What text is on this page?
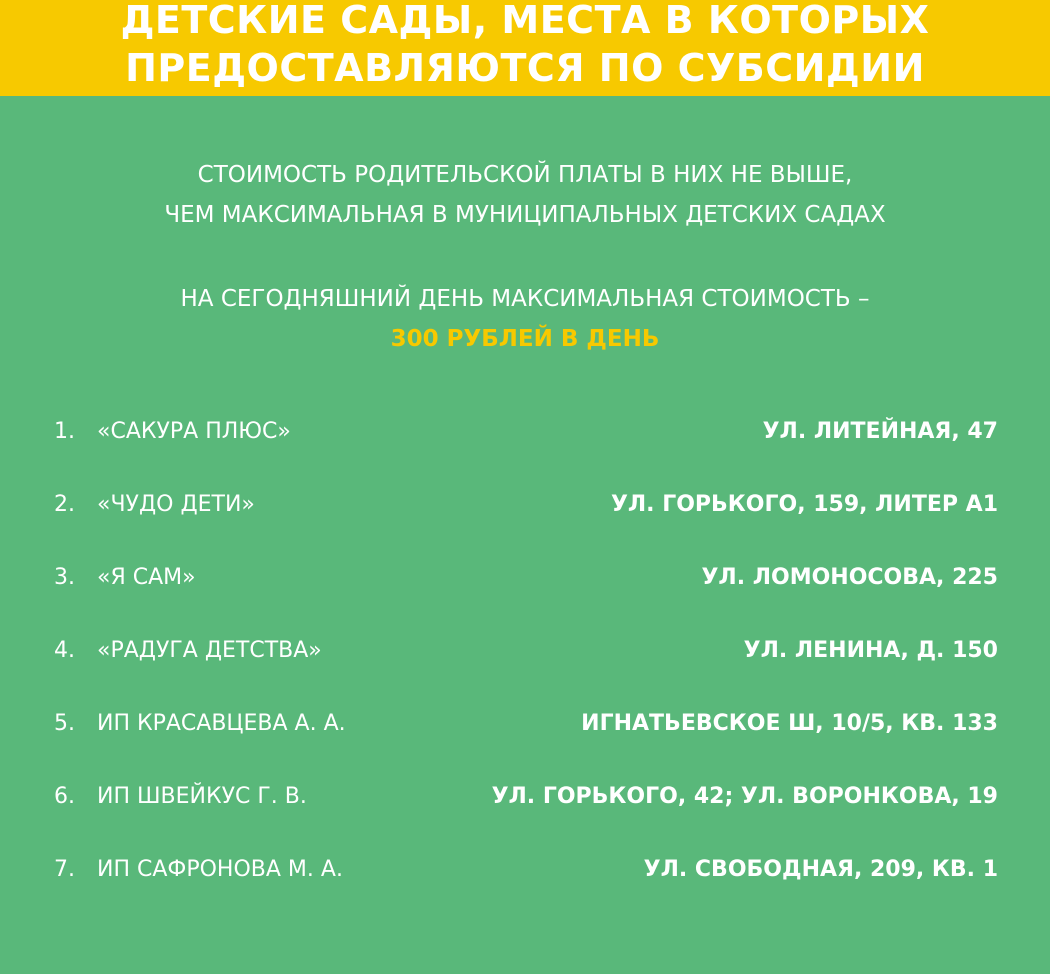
ДЕТСКИЕ САДЫ, МЕСТА В КОТОРЫХ
ПРЕДОСТАВЛЯЮТСЯ ПО СУБСИДИИ
СТОИМОСТЬ РОДИТЕЛЬСКОЙ ПЛАТЫ В НИХ НЕ ВЫШЕ,
ЧЕМ МАКСИМАЛЬНАЯ В МУНИЦИПАЛЬНЫХ ДЕТСКИХ САДАХ
НА СЕГОДНЯШНИЙ ДЕНЬ МАКСИМАЛЬНАЯ СТОИМОСТЬ –
300 РУБЛЕЙ В ДЕНЬ
1. «САКУРА ПЛЮС»	УЛ. ЛИТЕЙНАЯ, 47
2. «ЧУДО ДЕТИ»	УЛ. ГОРЬКОГО, 159, ЛИТЕР А1
3. «Я САМ»	УЛ. ЛОМОНОСОВА, 225
4. «РАДУГА ДЕТСТВА»	УЛ. ЛЕНИНА, Д. 150
5. ИП КРАСАВЦЕВА А. А.	ИГНАТЬЕВСКОЕ Ш, 10/5, КВ. 133
6. ИП ШВЕЙКУС Г. В.	УЛ. ГОРЬКОГО, 42; УЛ. ВОРОНКОВА, 19
7. ИП САФРОНОВА М. А.	УЛ. СВОБОДНАЯ, 209, КВ. 1
